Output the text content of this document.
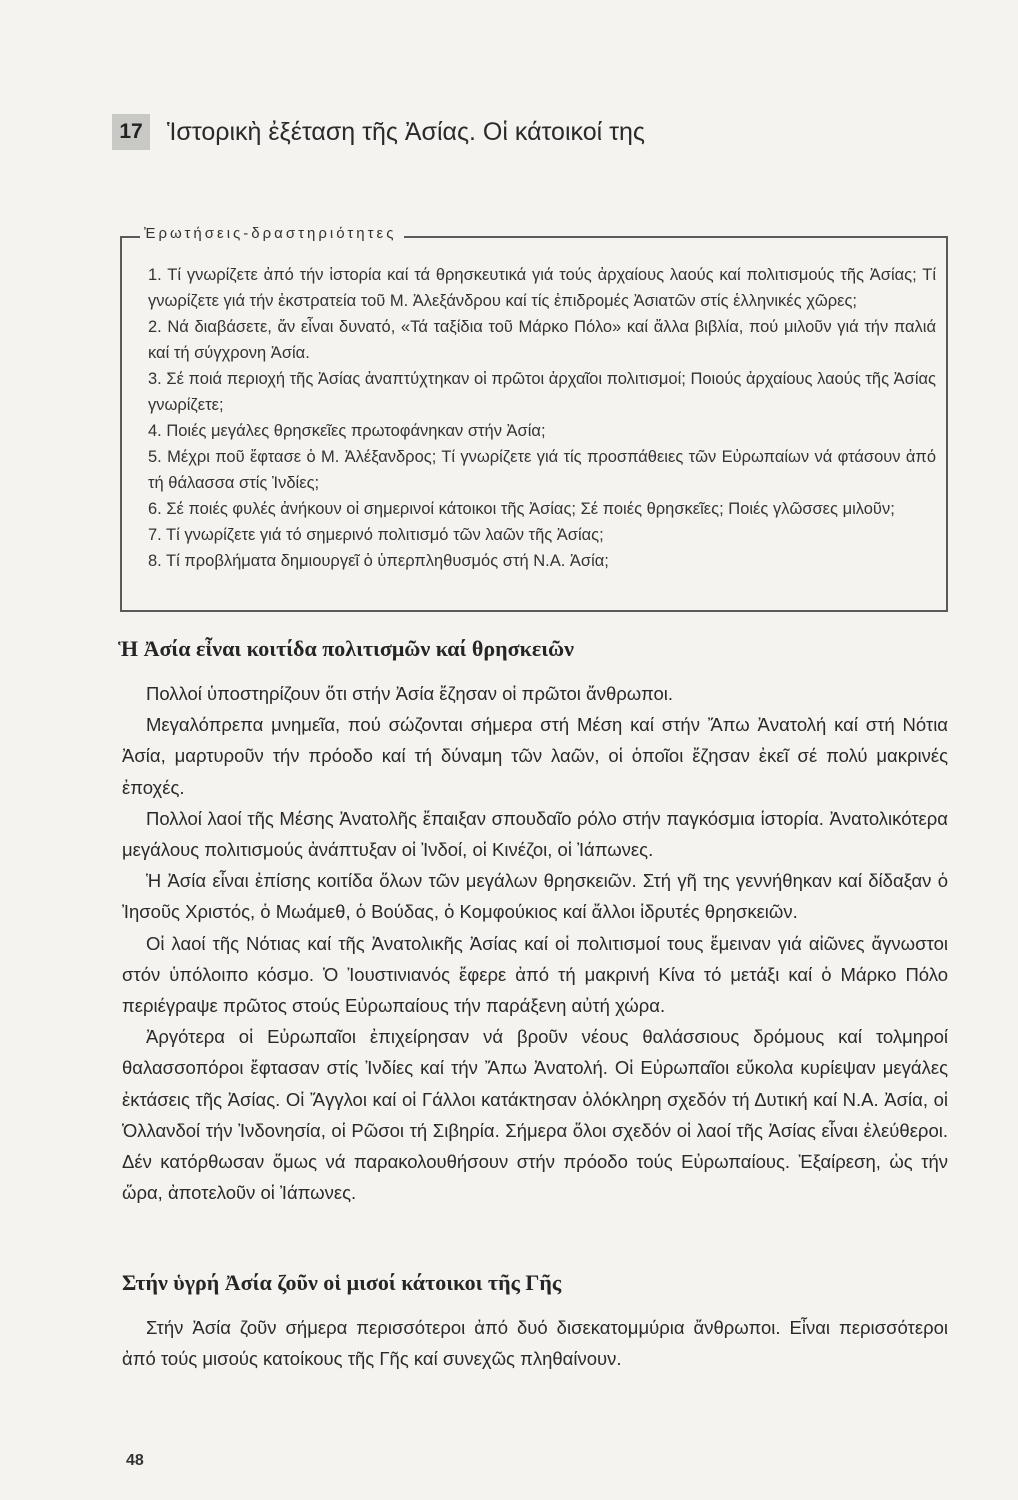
17 Ἱστορικὴ ἐξέταση τῆς Ἀσίας. Οἱ κάτοικοί της
Ἐρωτήσεις-δραστηριότητες
1. Τί γνωρίζετε ἀπό τήν ἱστορία καί τά θρησκευτικά γιά τούς ἀρχαίους λαούς καί πολιτισμούς τῆς Ἀσίας; Τί γνωρίζετε γιά τήν ἐκστρατεία τοῦ Μ. Ἀλεξάνδρου καί τίς ἐπιδρομές Ἀσιατῶν στίς ἑλληνικές χῶρες;
2. Νά διαβάσετε, ἄν εἶναι δυνατό, «Τά ταξίδια τοῦ Μάρκο Πόλο» καί ἄλλα βιβλία, πού μιλοῦν γιά τήν παλιά καί τή σύγχρονη Ἀσία.
3. Σέ ποιά περιοχή τῆς Ἀσίας ἀναπτύχτηκαν οἱ πρῶτοι ἀρχαῖοι πολιτισμοί; Ποιούς ἀρχαίους λαούς τῆς Ἀσίας γνωρίζετε;
4. Ποιές μεγάλες θρησκεῖες πρωτοφάνηκαν στήν Ἀσία;
5. Μέχρι ποῦ ἔφτασε ὁ Μ. Ἀλέξανδρος; Τί γνωρίζετε γιά τίς προσπάθειες τῶν Εὐρωπαίων νά φτάσουν ἀπό τή θάλασσα στίς Ἰνδίες;
6. Σέ ποιές φυλές ἀνήκουν οἱ σημερινοί κάτοικοι τῆς Ἀσίας; Σέ ποιές θρησκεῖες; Ποιές γλῶσσες μιλοῦν;
7. Τί γνωρίζετε γιά τό σημερινό πολιτισμό τῶν λαῶν τῆς Ἀσίας;
8. Τί προβλήματα δημιουργεῖ ὁ ὑπερπληθυσμός στή Ν.Α. Ἀσία;
Ἡ Ἀσία εἶναι κοιτίδα πολιτισμῶν καί θρησκειῶν

Πολλοί ὑποστηρίζουν ὅτι στήν Ἀσία ἔζησαν οἱ πρῶτοι ἄνθρωποι.

Μεγαλόπρεπα μνημεῖα, πού σώζονται σήμερα στή Μέση καί στήν Ἄπω Ἀνατολή καί στή Νότια Ἀσία, μαρτυροῦν τήν πρόοδο καί τή δύναμη τῶν λαῶν, οἱ ὁποῖοι ἔζησαν ἐκεῖ σέ πολύ μακρινές ἐποχές.

Πολλοί λαοί τῆς Μέσης Ἀνατολῆς ἔπαιξαν σπουδαῖο ρόλο στήν παγκόσμια ἱστορία. Ἀνατολικότερα μεγάλους πολιτισμούς ἀνάπτυξαν οἱ Ἰνδοί, οἱ Κινέζοι, οἱ Ἰάπωνες.

Ἡ Ἀσία εἶναι ἐπίσης κοιτίδα ὅλων τῶν μεγάλων θρησκειῶν. Στή γῆ της γεννήθηκαν καί δίδαξαν ὁ Ἰησοῦς Χριστός, ὁ Μωάμεθ, ὁ Βούδας, ὁ Κομφούκιος καί ἄλλοι ἱδρυτές θρησκειῶν.

Οἱ λαοί τῆς Νότιας καί τῆς Ἀνατολικῆς Ἀσίας καί οἱ πολιτισμοί τους ἔμειναν γιά αἰῶνες ἄγνωστοι στόν ὑπόλοιπο κόσμο. Ὁ Ἰουστινιανός ἔφερε ἀπό τή μακρινή Κίνα τό μετάξι καί ὁ Μάρκο Πόλο περιέγραψε πρῶτος στούς Εὐρωπαίους τήν παράξενη αὐτή χώρα.

Ἀργότερα οἱ Εὐρωπαῖοι ἐπιχείρησαν νά βροῦν νέους θαλάσσιους δρόμους καί τολμηροί θαλασσοπόροι ἔφτασαν στίς Ἰνδίες καί τήν Ἄπω Ἀνατολή. Οἱ Εὐρωπαῖοι εὔκολα κυρίεψαν μεγάλες ἐκτάσεις τῆς Ἀσίας. Οἱ Ἄγγλοι καί οἱ Γάλλοι κατάκτησαν ὁλόκληρη σχεδόν τή Δυτική καί Ν.Α. Ἀσία, οἱ Ὁλλανδοί τήν Ἰνδονησία, οἱ Ρῶσοι τή Σιβηρία. Σήμερα ὅλοι σχεδόν οἱ λαοί τῆς Ἀσίας εἶναι ἐλεύθεροι. Δέν κατόρθωσαν ὅμως νά παρακολουθήσουν στήν πρόοδο τούς Εὐρωπαίους. Ἐξαίρεση, ὡς τήν ὥρα, ἀποτελοῦν οἱ Ἰάπωνες.

Στήν ὑγρή Ἀσία ζοῦν οἱ μισοί κάτοικοι τῆς Γῆς

Στήν Ἀσία ζοῦν σήμερα περισσότεροι ἀπό δυό δισεκατομμύρια ἄνθρωποι. Εἶναι περισσότεροι ἀπό τούς μισούς κατοίκους τῆς Γῆς καί συνεχῶς πληθαίνουν.

48
